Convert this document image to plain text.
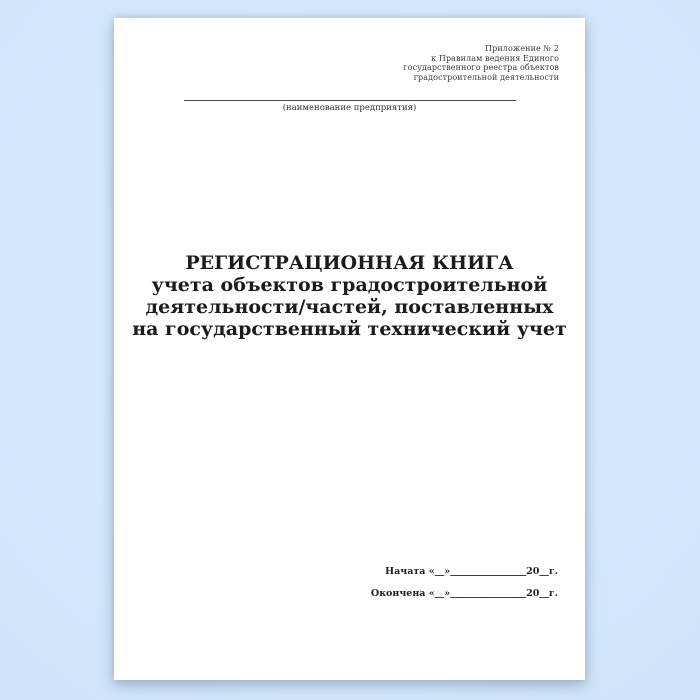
Приложение № 2
к Правилам ведения Единого
государственного реестра объектов
градостроительной деятельности
(наименование предприятия)
РЕГИСТРАЦИОННАЯ КНИГА
учета объектов градостроительной
деятельности/частей, поставленных
на государственный технический учет
Начата «__»________________20__г.
Окончена «__»________________20__г.
